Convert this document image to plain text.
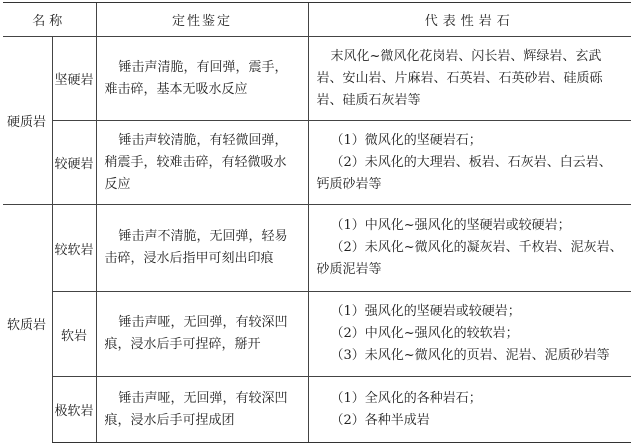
名称		定性鉴定	代表性岩石
硬质岩	坚硬岩	锤击声清脆，有回弹，震手，
难击碎，基本无吸水反应	末风化~微风化花岗岩、闪长岩、辉绿岩、玄武
岩、安山岩、片麻岩、石英岩、石英砂岩、硅质砾
岩、硅质石灰岩等

	较硬岩	锤击声较清脆，有轻微回弹，
稍震手，较难击碎，有轻微吸水
反应	（1）微风化的坚硬岩石；
（2）未风化的大理岩、板岩、石灰岩、白云岩、
钙质砂岩等

软质岩	较软岩	锤击声不清脆，无回弹，轻易
击碎，浸水后指甲可刻出印痕	（1）中风化~强风化的坚硬岩或较硬岩；
（2）未风化~微风化的凝灰岩、千枚岩、泥灰岩、
砂质泥岩等

	软岩	锤击声哑，无回弹，有较深凹
痕，浸水后手可捏碎，掰开	（1）强风化的坚硬岩或较硬岩；
（2）中风化~强风化的较软岩；
（3）未风化~微风化的页岩、泥岩、泥质砂岩等

	极软岩	锤击声哑，无回弹，有较深凹
痕，浸水后手可捏成团	（1）全风化的各种岩石；
（2）各种半成岩
